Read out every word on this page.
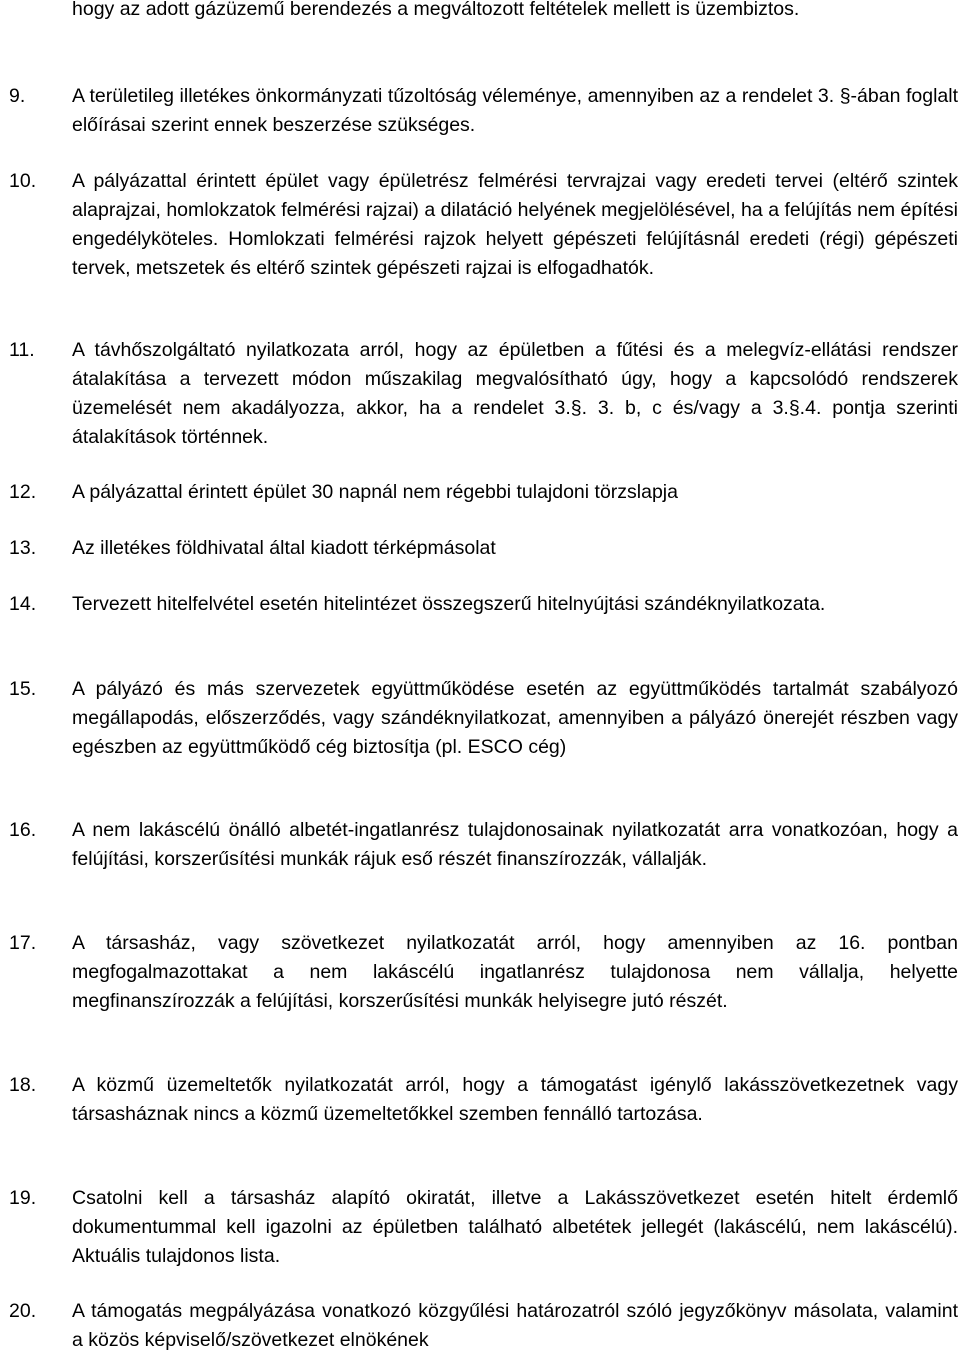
hogy az adott gázüzemű berendezés a megváltozott feltételek mellett is üzembiztos.
9. A területileg illetékes önkormányzati tűzoltóság véleménye, amennyiben az a rendelet 3. §-ában foglalt előírásai szerint ennek beszerzése szükséges.
10. A pályázattal érintett épület vagy épületrész felmérési tervrajzai vagy eredeti tervei (eltérő szintek alaprajzai, homlokzatok felmérési rajzai) a dilatáció helyének megjelölésével, ha a felújítás nem építési engedélyköteles. Homlokzati felmérési rajzok helyett gépészeti felújításnál eredeti (régi) gépészeti tervek, metszetek és eltérő szintek gépészeti rajzai is elfogadhatók.
11. A távhőszolgáltató nyilatkozata arról, hogy az épületben a fűtési és a melegvíz-ellátási rendszer átalakítása a tervezett módon műszakilag megvalósítható úgy, hogy a kapcsolódó rendszerek üzemelését nem akadályozza, akkor, ha a rendelet 3.§. 3. b, c és/vagy a 3.§.4. pontja szerinti átalakítások történnek.
12. A pályázattal érintett épület 30 napnál nem régebbi tulajdoni törzslapja
13. Az illetékes földhivatal által kiadott térképmásolat
14. Tervezett hitelfelvétel esetén hitelintézet összegszerű hitelnyújtási szándéknyilatkozata.
15. A pályázó és más szervezetek együttműködése esetén az együttműködés tartalmát szabályozó megállapodás, előszerződés, vagy szándéknyilatkozat, amennyiben a pályázó önerejét részben vagy egészben az együttműködő cég biztosítja (pl. ESCO cég)
16. A nem lakáscélú önálló albetét-ingatlanrész tulajdonosainak nyilatkozatát arra vonatkozóan, hogy a felújítási, korszerűsítési munkák rájuk eső részét finanszírozzák, vállalják.
17. A társasház, vagy szövetkezet nyilatkozatát arról, hogy amennyiben az 16. pontban megfogalmazottakat a nem lakáscélú ingatlanrész tulajdonosa nem vállalja, helyette megfinanszírozzák a felújítási, korszerűsítési munkák helyisegre jutó részét.
18. A közmű üzemeltetők nyilatkozatát arról, hogy a támogatást igénylő lakásszövetkezetnek vagy társasháznak nincs a közmű üzemeltetőkkel szemben fennálló tartozása.
19. Csatolni kell a társasház alapító okiratát, illetve a Lakásszövetkezet esetén hitelt érdemlő dokumentummal kell igazolni az épületben található albetétek jellegét (lakáscélú, nem lakáscélú). Aktuális tulajdonos lista.
20. A támogatás megpályázása vonatkozó közgyűlési határozatról szóló jegyzőkönyv másolata, valamint a közös képviselő/szövetkezet elnökének
